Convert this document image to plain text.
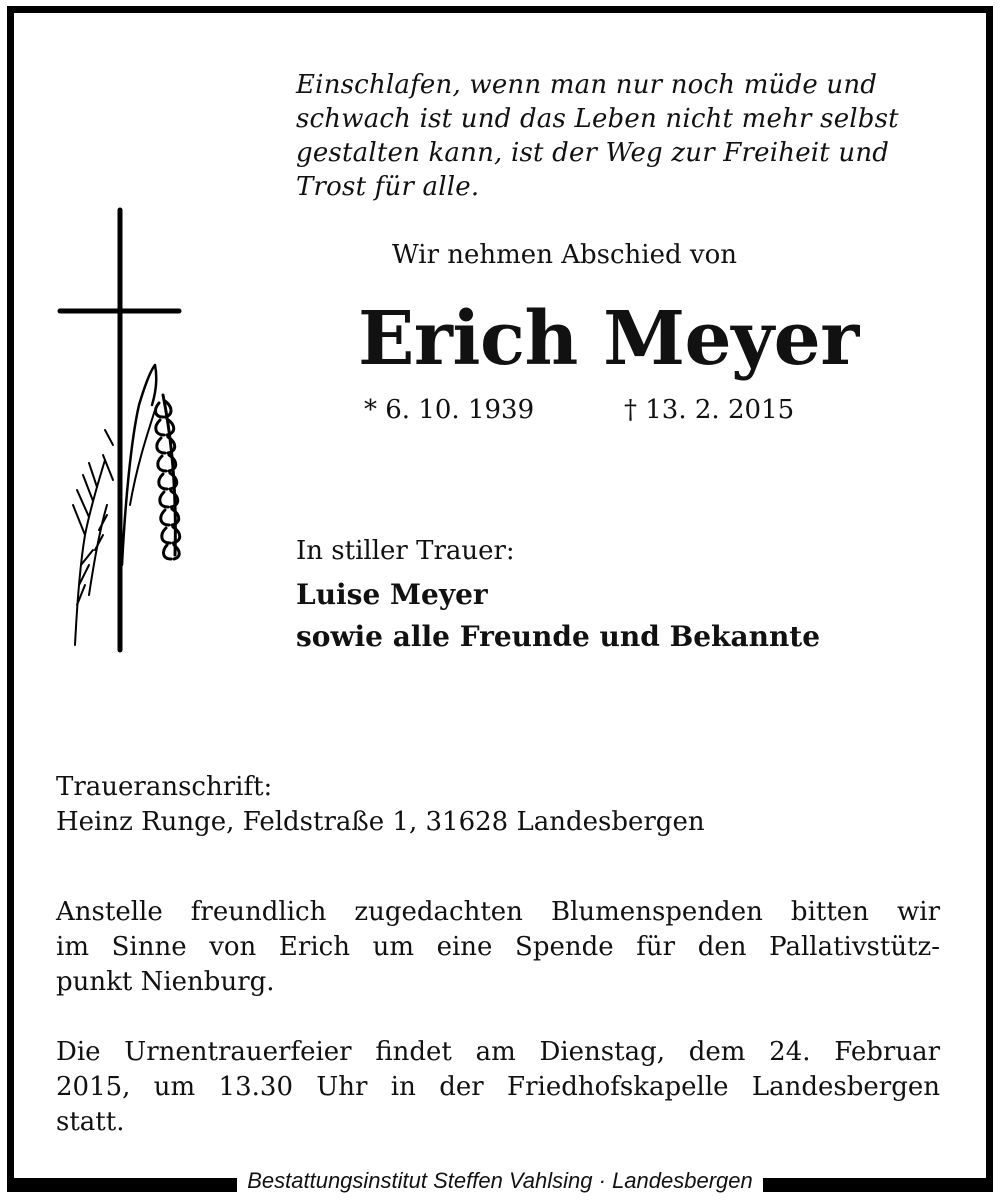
Einschlafen, wenn man nur noch müde und
schwach ist und das Leben nicht mehr selbst
gestalten kann, ist der Weg zur Freiheit und
Trost für alle.
Wir nehmen Abschied von
Erich Meyer
* 6. 10. 1939	† 13. 2. 2015
In stiller Trauer:
Luise Meyer
sowie alle Freunde und Bekannte
Traueranschrift:
Heinz Runge, Feldstraße 1, 31628 Landesbergen
Anstelle freundlich zugedachten Blumenspenden bitten wir
im Sinne von Erich um eine Spende für den Pallativstütz-
punkt Nienburg.
Die Urnentrauerfeier findet am Dienstag, dem 24. Februar
2015, um 13.30 Uhr in der Friedhofskapelle Landesbergen
statt.
Bestattungsinstitut Steffen Vahlsing · Landesbergen
